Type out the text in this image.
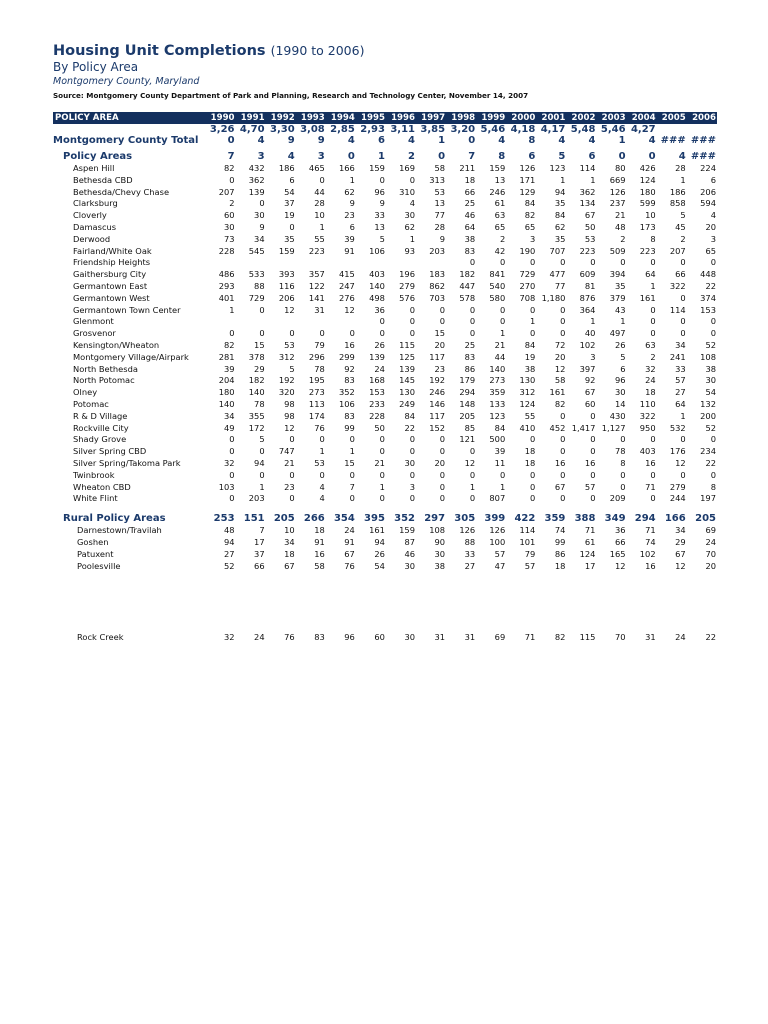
Housing Unit Completions (1990 to 2006)
By Policy Area
Montgomery County, Maryland
Source: Montgomery County Department of Park and Planning, Research and Technology Center, November 14, 2007
POLICY AREA	1990	1991	1992	1993	1994	1995	1996	1997	1998	1999	2000	2001	2002	2003	2004	2005	2006
	3,26	4,70	3,30	3,08	2,85	2,93	3,11	3,85	3,20	5,46	4,18	4,17	5,48	5,46	4,27		
Montgomery County Total	0	4	9	9	4	6	4	1	0	4	8	4	4	1	4	###	###

Policy Areas	7	3	4	3	0	1	2	0	7	8	6	5	6	0	0	4	###
Aspen Hill	82	432	186	465	166	159	169	58	211	159	126	123	114	80	426	28	224
Bethesda CBD	0	362	6	0	1	0	0	313	18	13	171	1	1	669	124	1	6
Bethesda/Chevy Chase	207	139	54	44	62	96	310	53	66	246	129	94	362	126	180	186	206
Clarksburg	2	0	37	28	9	9	4	13	25	61	84	35	134	237	599	858	594
Cloverly	60	30	19	10	23	33	30	77	46	63	82	84	67	21	10	5	4
Damascus	30	9	0	1	6	13	62	28	64	65	65	62	50	48	173	45	20
Derwood	73	34	35	55	39	5	1	9	38	2	3	35	53	2	8	2	3
Fairland/White Oak	228	545	159	223	91	106	93	203	83	42	190	707	223	509	223	207	65
Friendship Heights									0	0	0	0	0	0	0	0	0
Gaithersburg City	486	533	393	357	415	403	196	183	182	841	729	477	609	394	64	66	448
Germantown East	293	88	116	122	247	140	279	862	447	540	270	77	81	35	1	322	22
Germantown West	401	729	206	141	276	498	576	703	578	580	708	1,180	876	379	161	0	374
Germantown Town Center	1	0	12	31	12	36	0	0	0	0	0	0	364	43	0	114	153
Glenmont						0	0	0	0	0	1	0	1	1	0	0	0
Grosvenor	0	0	0	0	0	0	0	15	0	1	0	0	40	497	0	0	0
Kensington/Wheaton	82	15	53	79	16	26	115	20	25	21	84	72	102	26	63	34	52
Montgomery Village/Airpark	281	378	312	296	299	139	125	117	83	44	19	20	3	5	2	241	108
North Bethesda	39	29	5	78	92	24	139	23	86	140	38	12	397	6	32	33	38
North Potomac	204	182	192	195	83	168	145	192	179	273	130	58	92	96	24	57	30
Olney	180	140	320	273	352	153	130	246	294	359	312	161	67	30	18	27	54
Potomac	140	78	98	113	106	233	249	146	148	133	124	82	60	14	110	64	132
R & D Village	34	355	98	174	83	228	84	117	205	123	55	0	0	430	322	1	200
Rockville City	49	172	12	76	99	50	22	152	85	84	410	452	1,417	1,127	950	532	52
Shady Grove	0	5	0	0	0	0	0	0	121	500	0	0	0	0	0	0	0
Silver Spring CBD	0	0	747	1	1	0	0	0	0	39	18	0	0	78	403	176	234
Silver Spring/Takoma Park	32	94	21	53	15	21	30	20	12	11	18	16	16	8	16	12	22
Twinbrook	0	0	0	0	0	0	0	0	0	0	0	0	0	0	0	0	0
Wheaton CBD	103	1	23	4	7	1	3	0	1	1	0	67	57	0	71	279	8
White Flint	0	203	0	4	0	0	0	0	0	807	0	0	0	209	0	244	197

Rural Policy Areas	253	151	205	266	354	395	352	297	305	399	422	359	388	349	294	166	205
Darnestown/Travilah	48	7	10	18	24	161	159	108	126	126	114	74	71	36	71	34	69
Goshen	94	17	34	91	91	94	87	90	88	100	101	99	61	66	74	29	24
Patuxent	27	37	18	16	67	26	46	30	33	57	79	86	124	165	102	67	70
Poolesville	52	66	67	58	76	54	30	38	27	47	57	18	17	12	16	12	20

Rock Creek	32	24	76	83	96	60	30	31	31	69	71	82	115	70	31	24	22
